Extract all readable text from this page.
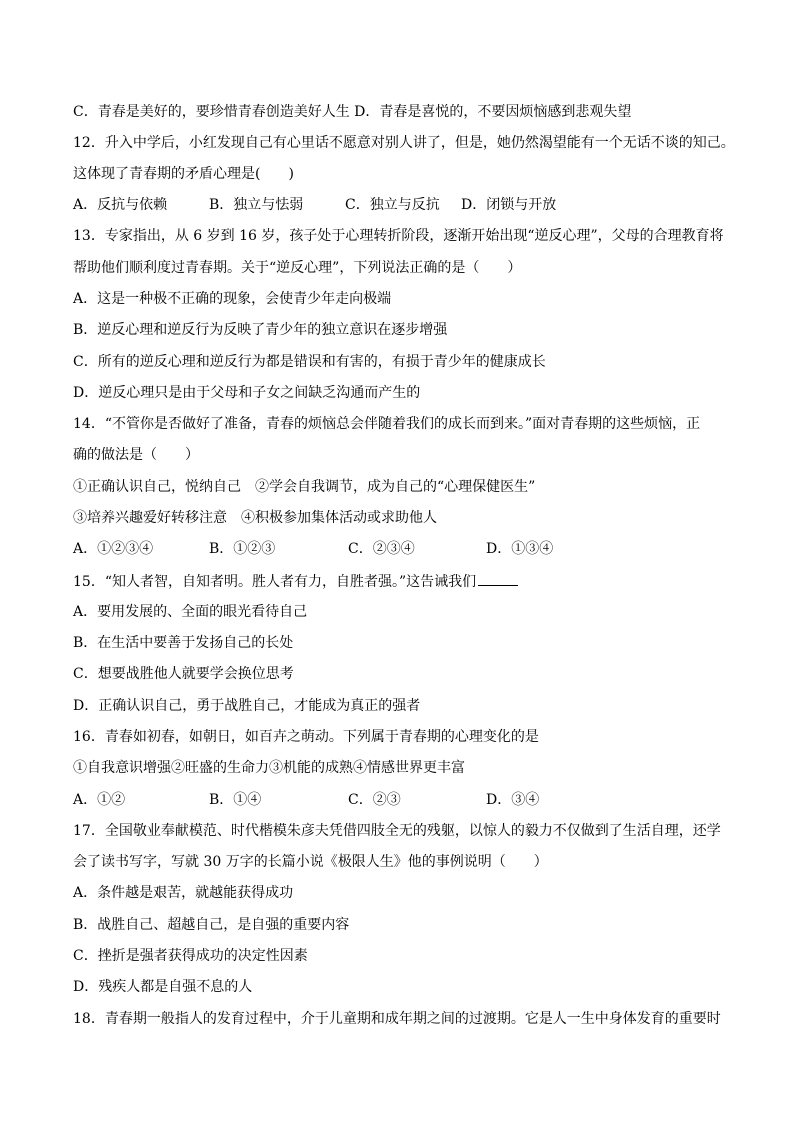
C．青春是美好的，要珍惜青春创造美好人生 D．青春是喜悦的，不要因烦恼感到悲观失望
12．升入中学后，小红发现自己有心里话不愿意对别人讲了，但是，她仍然渴望能有一个无话不谈的知己。
这体现了青春期的矛盾心理是(　　)
A．反抗与依赖	B．独立与怯弱	C．独立与反抗 D．闭锁与开放
13．专家指出，从 6 岁到 16 岁，孩子处于心理转折阶段，逐渐开始出现“逆反心理”，父母的合理教育将
帮助他们顺利度过青春期。关于“逆反心理”，下列说法正确的是（　　）
A．这是一种极不正确的现象，会使青少年走向极端
B．逆反心理和逆反行为反映了青少年的独立意识在逐步增强
C．所有的逆反心理和逆反行为都是错误和有害的，有损于青少年的健康成长
D．逆反心理只是由于父母和子女之间缺乏沟通而产生的
14．“不管你是否做好了准备，青春的烦恼总会伴随着我们的成长而到来。”面对青春期的这些烦恼，正
确的做法是（　　）
①正确认识自己，悦纳自己　②学会自我调节，成为自己的“心理保健医生”
③培养兴趣爱好转移注意　④积极参加集体活动或求助他人
A．①②③④	B．①②③	C．②③④	D．①③④
15．“知人者智，自知者明。胜人者有力，自胜者强。”这告诫我们
A．要用发展的、全面的眼光看待自己
B．在生活中要善于发扬自己的长处
C．想要战胜他人就要学会换位思考
D．正确认识自己，勇于战胜自己，才能成为真正的强者
16．青春如初春，如朝日，如百卉之萌动。下列属于青春期的心理变化的是
①自我意识增强②旺盛的生命力③机能的成熟④情感世界更丰富
A．①②	B．①④	C．②③	D．③④
17．全国敬业奉献模范、时代楷模朱彦夫凭借四肢全无的残躯，以惊人的毅力不仅做到了生活自理，还学
会了读书写字，写就 30 万字的长篇小说《极限人生》他的事例说明（　　）
A．条件越是艰苦，就越能获得成功
B．战胜自己、超越自己，是自强的重要内容
C．挫折是强者获得成功的决定性因素
D．残疾人都是自强不息的人
18．青春期一般指人的发育过程中，介于儿童期和成年期之间的过渡期。它是人一生中身体发育的重要时
